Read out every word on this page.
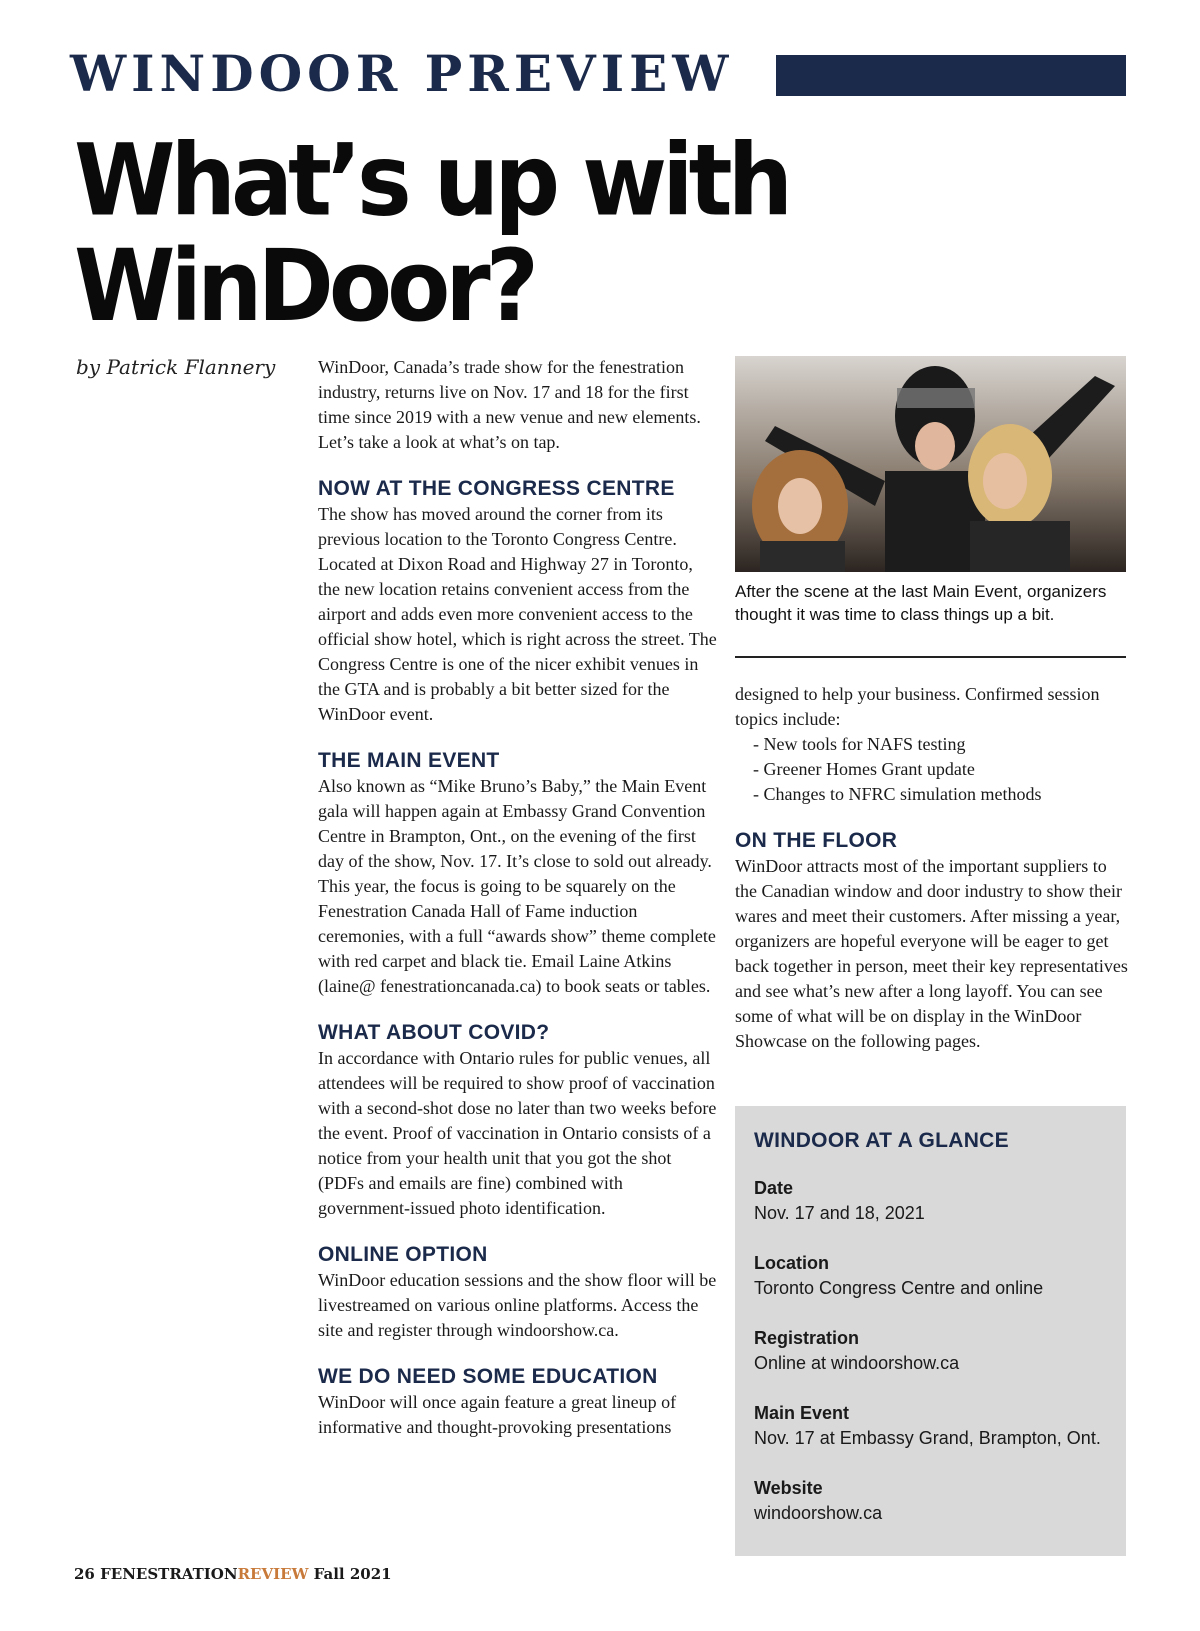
WINDOOR PREVIEW
What’s up with WinDoor?
by Patrick Flannery WinDoor, Canada’s trade show for the fenestration industry, returns live on Nov. 17 and 18 for the first time since 2019 with a new venue and new elements. Let’s take a look at what’s on tap.

NOW AT THE CONGRESS CENTRE

The show has moved around the corner from its previous location to the Toronto Congress Centre. Located at Dixon Road and Highway 27 in Toronto, the new location retains convenient access from the airport and adds even more convenient access to the official show hotel, which is right across the street. The Congress Centre is one of the nicer exhibit venues in the GTA and is probably a bit better sized for the WinDoor event.

THE MAIN EVENT

Also known as “Mike Bruno’s Baby,” the Main Event gala will happen again at Embassy Grand Convention Centre in Brampton, Ont., on the evening of the first day of the show, Nov. 17. It’s close to sold out already. This year, the focus is going to be squarely on the Fenestration Canada Hall of Fame induction ceremonies, with a full “awards show” theme complete with red carpet and black tie. Email Laine Atkins (laine@ fenestrationcanada.ca) to book seats or tables.

WHAT ABOUT COVID?

In accordance with Ontario rules for public venues, all attendees will be required to show proof of vaccination with a second-shot dose no later than two weeks before the event. Proof of vaccination in Ontario consists of a notice from your health unit that you got the shot (PDFs and emails are fine) combined with government-issued photo identification.

ONLINE OPTION

WinDoor education sessions and the show floor will be livestreamed on various online platforms. Access the site and register through windoorshow.ca.

WE DO NEED SOME EDUCATION

WinDoor will once again feature a great lineup of informative and thought-provoking presentations

After the scene at the last Main Event, organizers thought it was time to class things up a bit.

designed to help your business. Confirmed session topics include:

- New tools for NAFS testing

- Greener Homes Grant update

- Changes to NFRC simulation methods

ON THE FLOOR

WinDoor attracts most of the important suppliers to the Canadian window and door industry to show their wares and meet their customers. After missing a year, organizers are hopeful everyone will be eager to get back together in person, meet their key representatives and see what’s new after a long layoff. You can see some of what will be on display in the WinDoor Showcase on the following pages.

WINDOOR AT A GLANCE
Date
Nov. 17 and 18, 2021
Location
Toronto Congress Centre and online
Registration
Online at windoorshow.ca
Main Event
Nov. 17 at Embassy Grand, Brampton, Ont.
Website
windoorshow.ca
26 FENESTRATIONREVIEW Fall 2021
